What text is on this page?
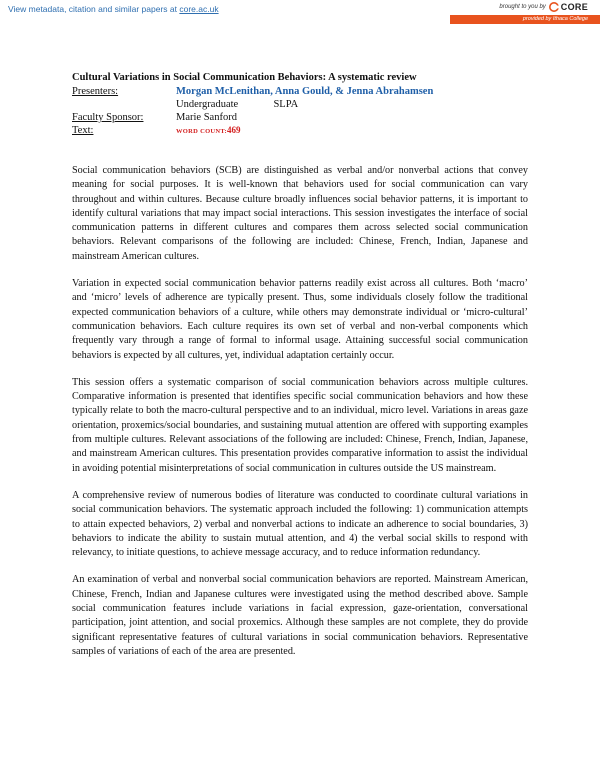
View metadata, citation and similar papers at core.ac.uk	brought to you by CORE
provided by Ithaca College
Cultural Variations in Social Communication Behaviors: A systematic review
Presenters:	Morgan McLenithan, Anna Gould, & Jenna Abrahamsen
Undergraduate	SLPA
Faculty Sponsor:	Marie Sanford
Text:	WORD COUNT:469

Social communication behaviors (SCB) are distinguished as verbal and/or nonverbal actions that convey meaning for social purposes. It is well-known that behaviors used for social communication can vary throughout and within cultures. Because culture broadly influences social behavior patterns, it is important to identify cultural variations that may impact social interactions. This session investigates the interface of social communication patterns in different cultures and compares them across selected social communication behaviors. Relevant comparisons of the following are included: Chinese, French, Indian, Japanese and mainstream American cultures.

Variation in expected social communication behavior patterns readily exist across all cultures. Both ‘macro’ and ‘micro’ levels of adherence are typically present. Thus, some individuals closely follow the traditional expected communication behaviors of a culture, while others may demonstrate individual or ‘micro-cultural’ communication behaviors. Each culture requires its own set of verbal and non-verbal components which frequently vary through a range of formal to informal usage. Attaining successful social communication behaviors is expected by all cultures, yet, individual adaptation certainly occur.

This session offers a systematic comparison of social communication behaviors across multiple cultures. Comparative information is presented that identifies specific social communication behaviors and how these typically relate to both the macro-cultural perspective and to an individual, micro level. Variations in areas gaze orientation, proxemics/social boundaries, and sustaining mutual attention are offered with supporting examples from multiple cultures. Relevant associations of the following are included: Chinese, French, Indian, Japanese, and mainstream American cultures. This presentation provides comparative information to assist the individual in avoiding potential misinterpretations of social communication in cultures outside the US mainstream.

A comprehensive review of numerous bodies of literature was conducted to coordinate cultural variations in social communication behaviors. The systematic approach included the following: 1) communication attempts to attain expected behaviors, 2) verbal and nonverbal actions to indicate an adherence to social boundaries, 3) behaviors to indicate the ability to sustain mutual attention, and 4) the verbal social skills to respond with relevancy, to initiate questions, to achieve message accuracy, and to reduce information redundancy.

An examination of verbal and nonverbal social communication behaviors are reported. Mainstream American, Chinese, French, Indian and Japanese cultures were investigated using the method described above. Sample social communication features include variations in facial expression, gaze-orientation, conversational participation, joint attention, and social proxemics. Although these samples are not complete, they do provide significant representative features of cultural variations in social communication behaviors. Representative samples of variations of each of the area are presented.
